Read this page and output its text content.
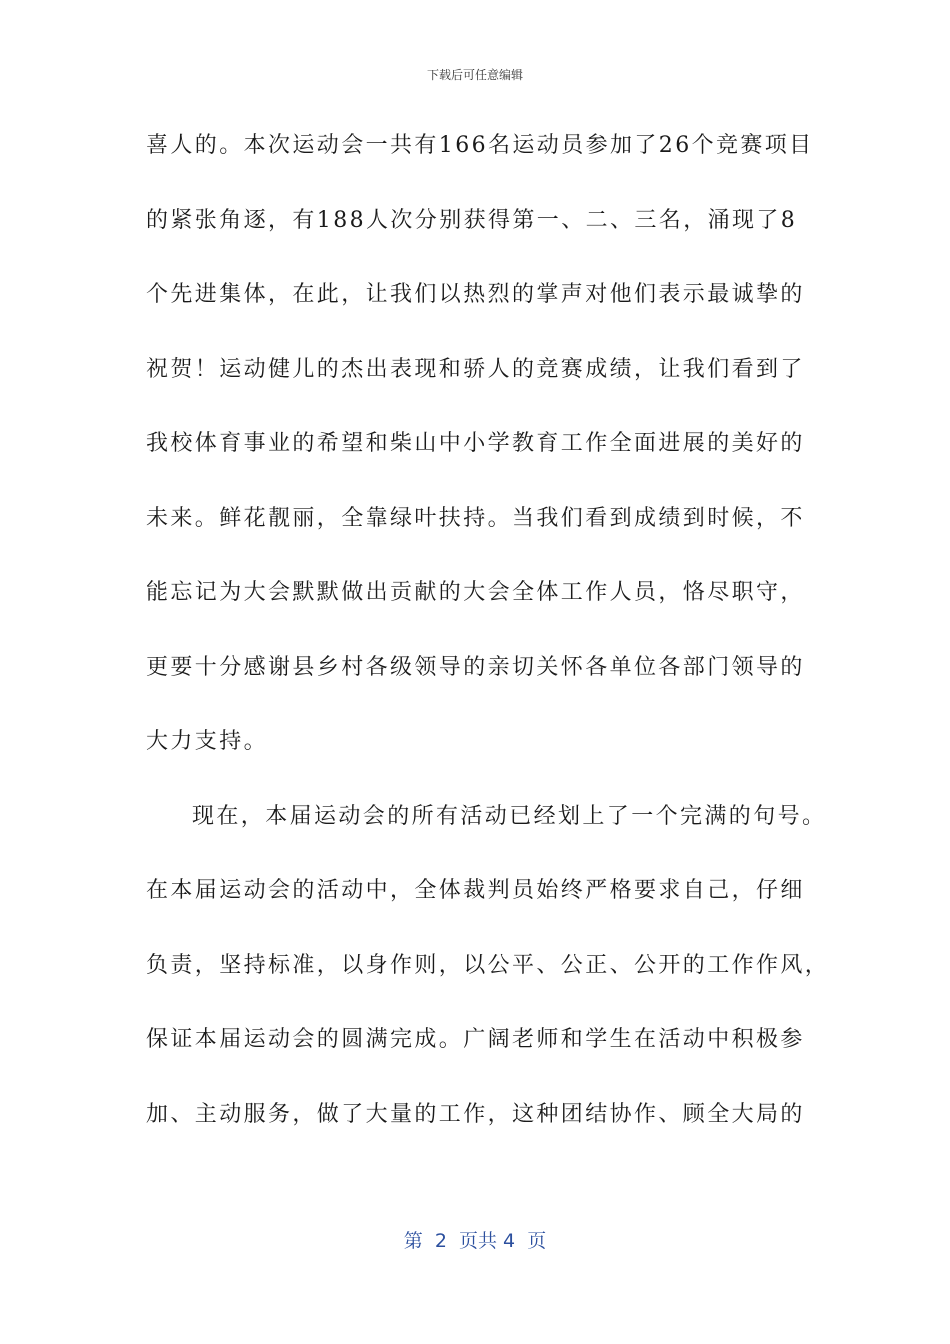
下载后可任意编辑
喜人的。本次运动会一共有166名运动员参加了26个竞赛项目
的紧张角逐，有188人次分别获得第一、二、三名，涌现了8
个先进集体，在此，让我们以热烈的掌声对他们表示最诚挚的
祝贺！运动健儿的杰出表现和骄人的竞赛成绩，让我们看到了
我校体育事业的希望和柴山中小学教育工作全面进展的美好的
未来。鲜花靓丽，全靠绿叶扶持。当我们看到成绩到时候，不
能忘记为大会默默做出贡献的大会全体工作人员，恪尽职守，
更要十分感谢县乡村各级领导的亲切关怀各单位各部门领导的
大力支持。
现在，本届运动会的所有活动已经划上了一个完满的句号。
在本届运动会的活动中，全体裁判员始终严格要求自己，仔细
负责，坚持标准，以身作则，以公平、公正、公开的工作作风，
保证本届运动会的圆满完成。广阔老师和学生在活动中积极参
加、主动服务，做了大量的工作，这种团结协作、顾全大局的
第  2  页共 4  页
